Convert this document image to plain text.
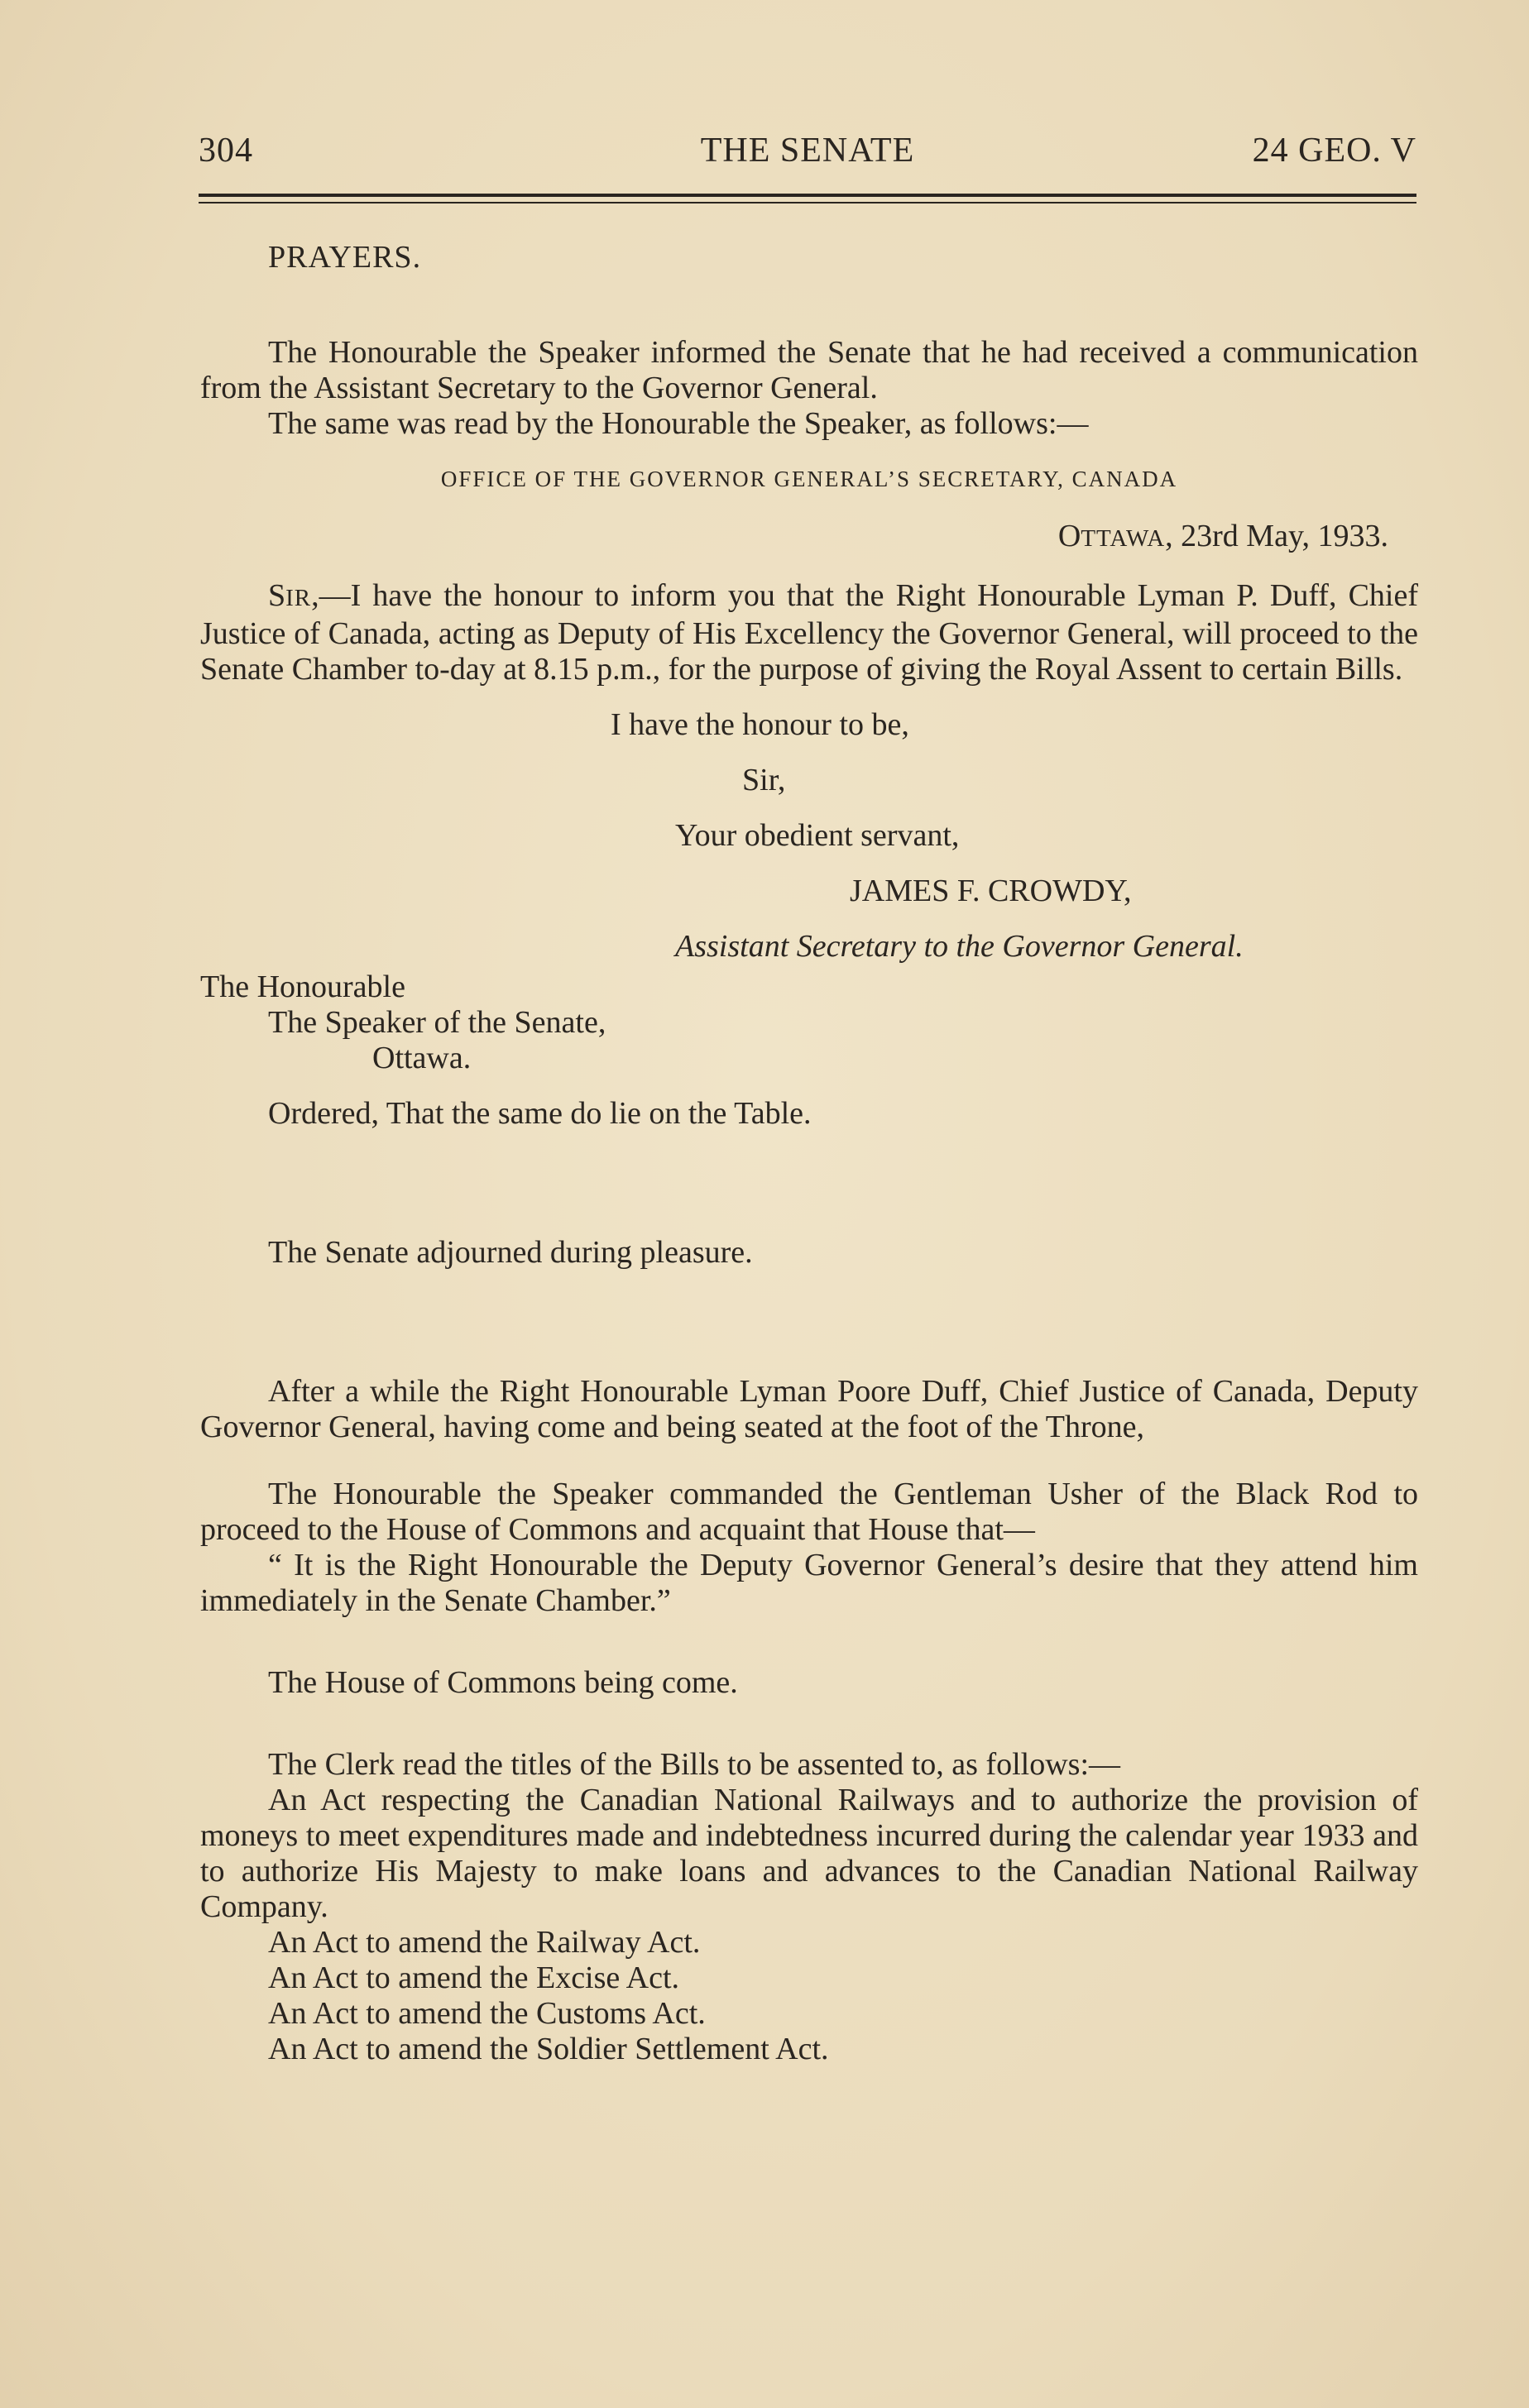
304	THE SENATE	24 GEO. V

PRAYERS.

The Honourable the Speaker informed the Senate that he had received a communication from the Assistant Secretary to the Governor General.

The same was read by the Honourable the Speaker, as follows:—

OFFICE OF THE GOVERNOR GENERAL’S SECRETARY, CANADA

OTTAWA, 23rd May, 1933.

SIR,—I have the honour to inform you that the Right Honourable Lyman P. Duff, Chief Justice of Canada, acting as Deputy of His Excellency the Governor General, will proceed to the Senate Chamber to-day at 8.15 p.m., for the purpose of giving the Royal Assent to certain Bills.

I have the honour to be,

Sir,

Your obedient servant,

JAMES F. CROWDY,

Assistant Secretary to the Governor General.

The Honourable

The Speaker of the Senate,

Ottawa.

Ordered, That the same do lie on the Table.

The Senate adjourned during pleasure.

After a while the Right Honourable Lyman Poore Duff, Chief Justice of Canada, Deputy Governor General, having come and being seated at the foot of the Throne,

The Honourable the Speaker commanded the Gentleman Usher of the Black Rod to proceed to the House of Commons and acquaint that House that—

“ It is the Right Honourable the Deputy Governor General’s desire that they attend him immediately in the Senate Chamber.”

The House of Commons being come.

The Clerk read the titles of the Bills to be assented to, as follows:—

An Act respecting the Canadian National Railways and to authorize the provision of moneys to meet expenditures made and indebtedness incurred during the calendar year 1933 and to authorize His Majesty to make loans and advances to the Canadian National Railway Company.

An Act to amend the Railway Act.

An Act to amend the Excise Act.

An Act to amend the Customs Act.

An Act to amend the Soldier Settlement Act.
